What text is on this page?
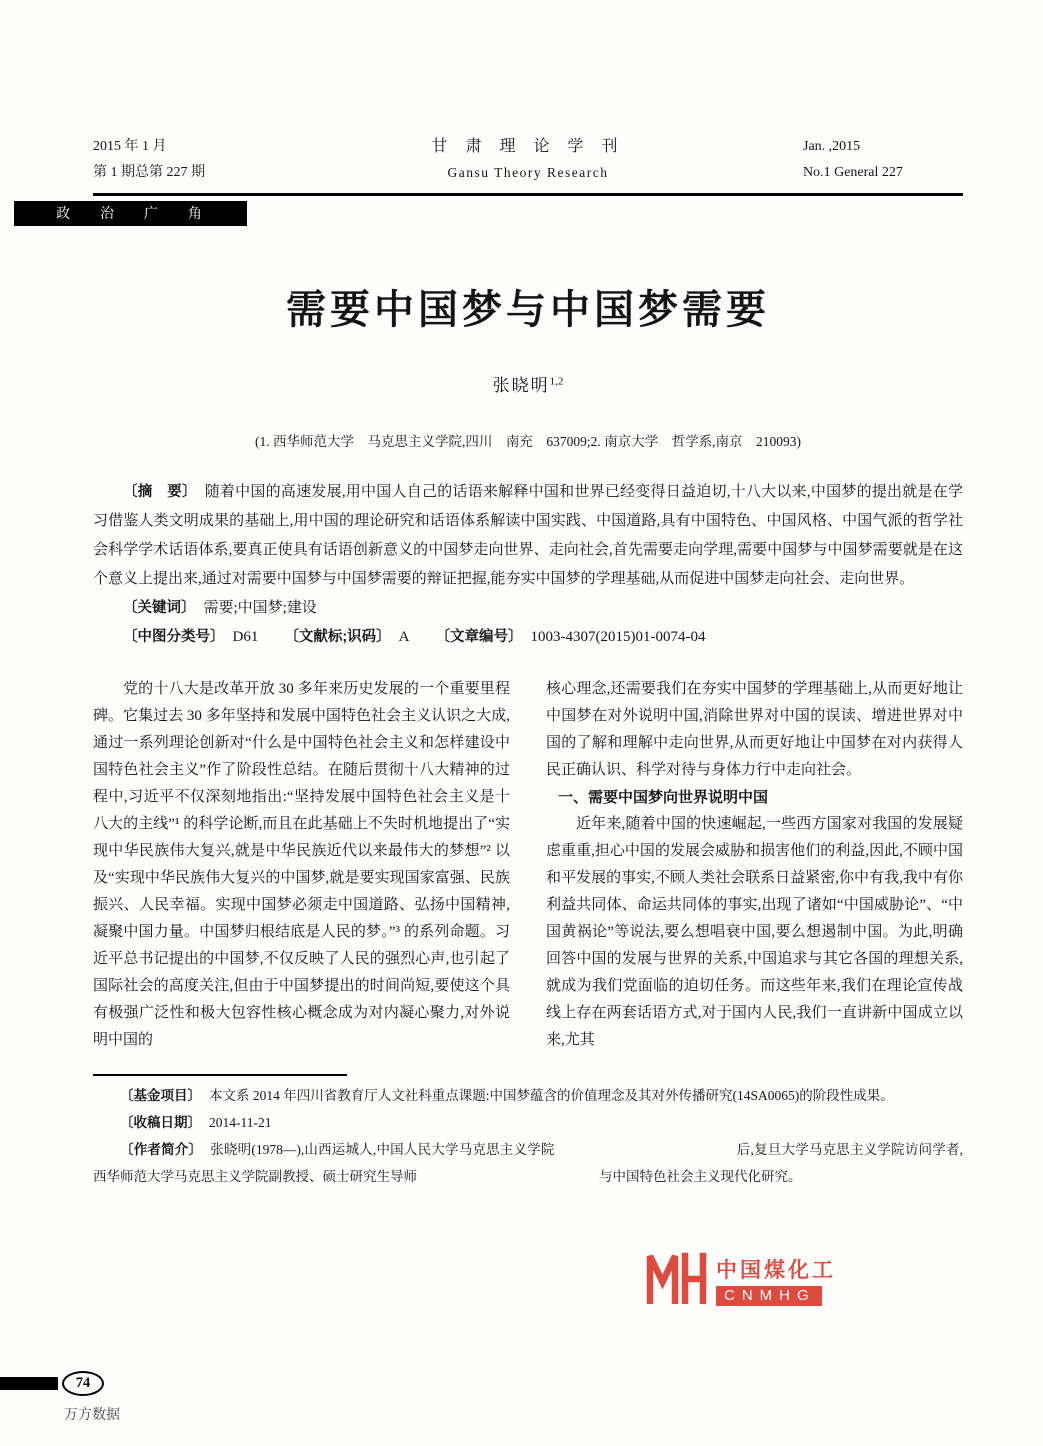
2015 年 1 月
第 1 期总第 227 期
甘 肃 理 论 学 刊
Gansu Theory Research
Jan. ,2015
No.1 General 227
政 治 广 角
需要中国梦与中国梦需要
张晓明$^{1,2}$
(1. 西华师范大学　马克思主义学院,四川　南充　637009;2. 南京大学　哲学系,南京　210093)
〔摘　要〕 随着中国的高速发展,用中国人自己的话语来解释中国和世界已经变得日益迫切,十八大以来,中国梦的提出就是在学习借鉴人类文明成果的基础上,用中国的理论研究和话语体系解读中国实践、中国道路,具有中国特色、中国风格、中国气派的哲学社会科学学术话语体系,要真正使具有话语创新意义的中国梦走向世界、走向社会,首先需要走向学理,需要中国梦与中国梦需要就是在这个意义上提出来,通过对需要中国梦与中国梦需要的辩证把握,能夯实中国梦的学理基础,从而促进中国梦走向社会、走向世界。
〔关键词〕 需要;中国梦;建设
〔中图分类号〕 D61 〔文献标;识码〕 A 〔文章编号〕 1003-4307(2015)01-0074-04

党的十八大是改革开放 30 多年来历史发展的一个重要里程碑。它集过去 30 多年坚持和发展中国特色社会主义认识之大成,通过一系列理论创新对“什么是中国特色社会主义和怎样建设中国特色社会主义”作了阶段性总结。在随后贯彻十八大精神的过程中,习近平不仅深刻地指出:“坚持发展中国特色社会主义是十八大的主线”¹ 的科学论断,而且在此基础上不失时机地提出了“实现中华民族伟大复兴,就是中华民族近代以来最伟大的梦想”² 以及“实现中华民族伟大复兴的中国梦,就是要实现国家富强、民族振兴、人民幸福。实现中国梦必须走中国道路、弘扬中国精神,凝聚中国力量。中国梦归根结底是人民的梦。”³ 的系列命题。习近平总书记提出的中国梦,不仅反映了人民的强烈心声,也引起了国际社会的高度关注,但由于中国梦提出的时间尚短,要使这个具有极强广泛性和极大包容性核心概念成为对内凝心聚力,对外说明中国的

核心理念,还需要我们在夯实中国梦的学理基础上,从而更好地让中国梦在对外说明中国,消除世界对中国的误读、增进世界对中国的了解和理解中走向世界,从而更好地让中国梦在对内获得人民正确认识、科学对待与身体力行中走向社会。

一、需要中国梦向世界说明中国

近年来,随着中国的快速崛起,一些西方国家对我国的发展疑虑重重,担心中国的发展会威胁和损害他们的利益,因此,不顾中国和平发展的事实,不顾人类社会联系日益紧密,你中有我,我中有你利益共同体、命运共同体的事实,出现了诸如“中国威胁论”、“中国黄祸论”等说法,要么想唱衰中国,要么想遏制中国。为此,明确回答中国的发展与世界的关系,中国追求与其它各国的理想关系,就成为我们党面临的迫切任务。而这些年来,我们在理论宣传战线上存在两套话语方式,对于国内人民,我们一直讲新中国成立以来,尤其

〔基金项目〕 本文系 2014 年四川省教育厅人文社科重点课题:中国梦蕴含的价值理念及其对外传播研究(14SA0065)的阶段性成果。

〔收稿日期〕 2014-11-21

〔作者简介〕 张晓明(1978—),山西运城人,中国人民大学马克思主义学院	后,复旦大学马克思主义学院访问学者,西华师范大学马克思主义学院副教授、硕士研究生导师	与中国特色社会主义现代化研究。

中国煤化工
CNMHG
74
万方数据
